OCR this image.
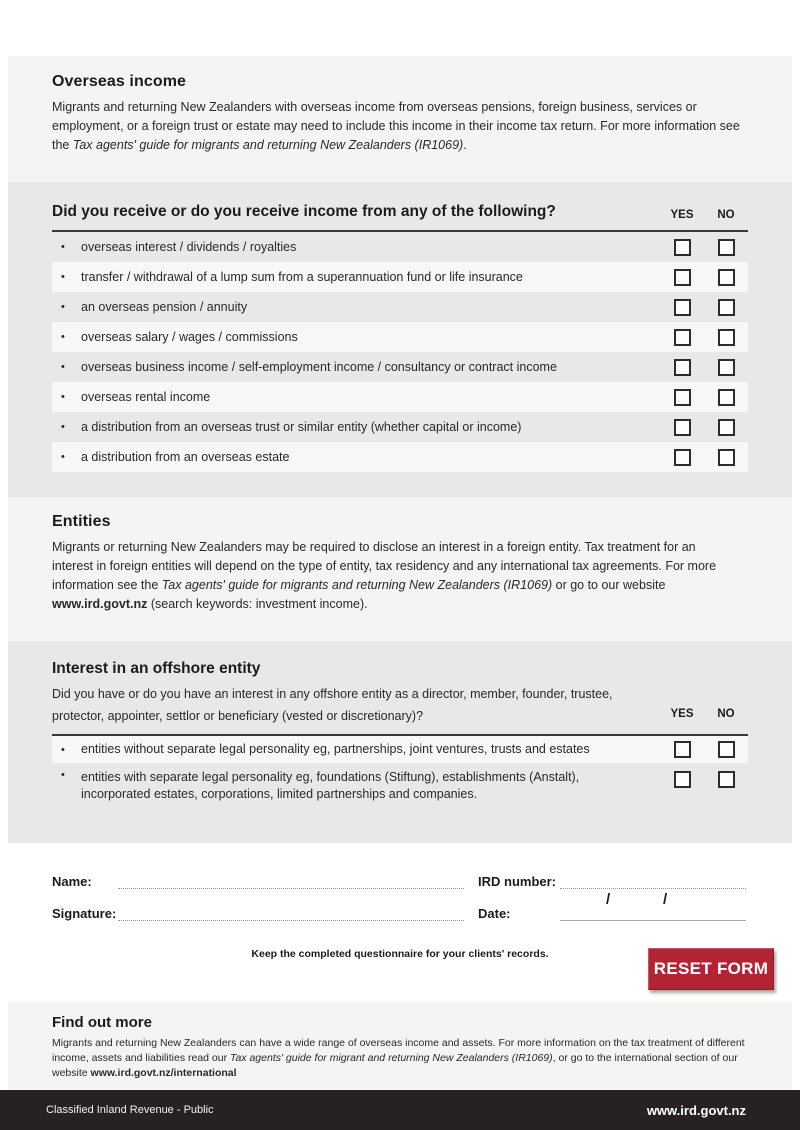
Overseas income

Migrants and returning New Zealanders with overseas income from overseas pensions, foreign business, services or employment, or a foreign trust or estate may need to include this income in their income tax return. For more information see the Tax agents' guide for migrants and returning New Zealanders (IR1069).

Did you receive or do you receive income from any of the following?	YES	NO
•	overseas interest / dividends / royalties
•	transfer / withdrawal of a lump sum from a superannuation fund or life insurance
•	an overseas pension / annuity
•	overseas salary / wages / commissions
•	overseas business income / self-employment income / consultancy or contract income
•	overseas rental income
•	a distribution from an overseas trust or similar entity (whether capital or income)
•	a distribution from an overseas estate
Entities

Migrants or returning New Zealanders may be required to disclose an interest in a foreign entity. Tax treatment for an interest in foreign entities will depend on the type of entity, tax residency and any international tax agreements. For more information see the Tax agents' guide for migrants and returning New Zealanders (IR1069) or go to our website www.ird.govt.nz (search keywords: investment income).

Interest in an offshore entity
Did you have or do you have an interest in any offshore entity as a director, member, founder, trustee,
protector, appointer, settlor or beneficiary (vested or discretionary)?	YES	NO
•	entities without separate legal personality eg, partnerships, joint ventures, trusts and estates
•	entities with separate legal personality eg, foundations (Stiftung), establishments (Anstalt), incorporated estates, corporations, limited partnerships and companies.
Name:	IRD number:
Signature:	Date:
/	/
Keep the completed questionnaire for your clients' records.
RESET FORM
Find out more

Migrants and returning New Zealanders can have a wide range of overseas income and assets. For more information on the tax treatment of different income, assets and liabilities read our Tax agents' guide for migrant and returning New Zealanders (IR1069), or go to the international section of our website www.ird.govt.nz/international

Classified Inland Revenue - Public	www.ird.govt.nz
